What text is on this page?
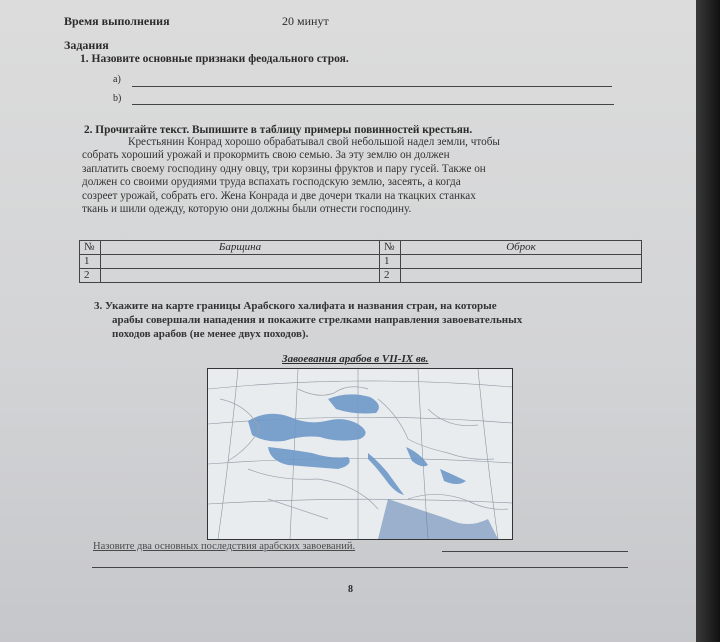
Время выполнения	20 минут
Задания
1. Назовите основные признаки феодального строя.
a)
b)
2. Прочитайте текст. Выпишите в таблицу примеры повинностей крестьян.
Крестьянин Конрад хорошо обрабатывал свой небольшой надел земли, чтобы
собрать хороший урожай и прокормить свою семью. За эту землю он должен
заплатить своему господину одну овцу, три корзины фруктов и пару гусей. Также он
должен со своими орудиями труда вспахать господскую землю, засеять, а когда
созреет урожай, собрать его. Жена Конрада и две дочери ткали на ткацких станках
ткань и шили одежду, которую они должны были отнести господину.
№	Барщина	№	Оброк
1		1	
2		2	
3. Укажите на карте границы Арабского халифата и названия стран, на которые
арабы совершали нападения и покажите стрелками направления завоевательных
походов арабов (не менее двух походов).
Завоевания арабов в VII-IX вв.
Назовите два основных последствия арабских завоеваний.
8
